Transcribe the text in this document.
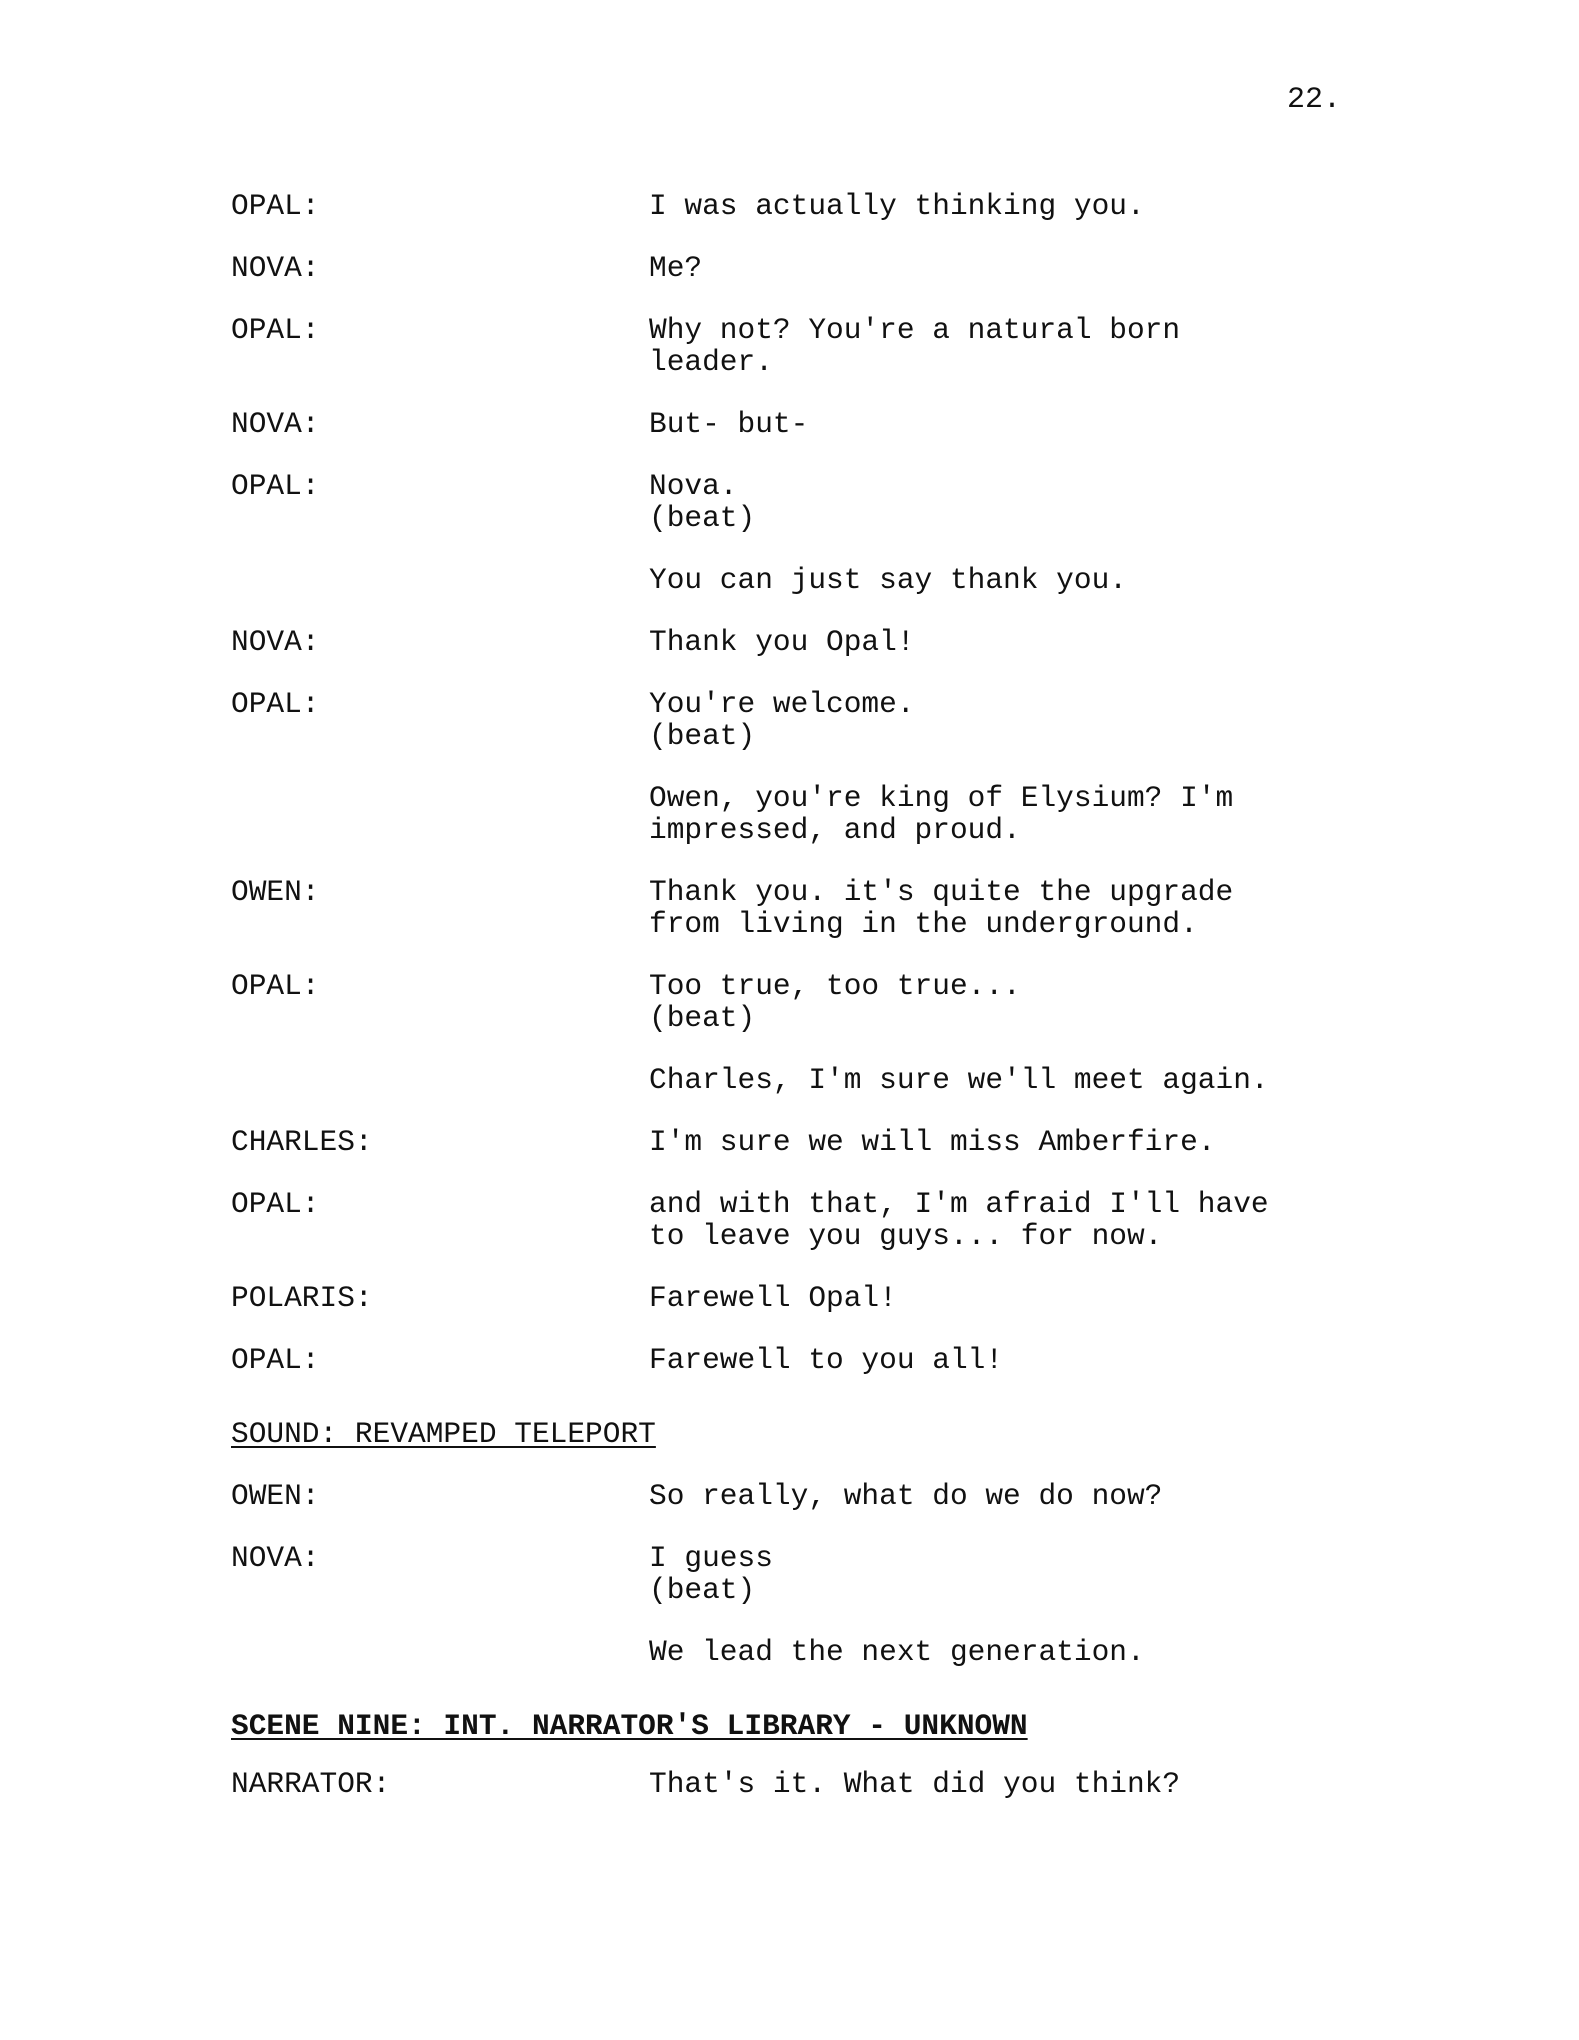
22.
OPAL:	I was actually thinking you.
NOVA:	Me?
OPAL:	Why not? You're a natural born
leader.
NOVA:	But- but-
OPAL:	Nova.
(beat)
You can just say thank you.
NOVA:	Thank you Opal!
OPAL:	You're welcome.
(beat)
Owen, you're king of Elysium? I'm
impressed, and proud.
OWEN:	Thank you. it's quite the upgrade
from living in the underground.
OPAL:	Too true, too true...
(beat)
Charles, I'm sure we'll meet again.
CHARLES:	I'm sure we will miss Amberfire.
OPAL:	and with that, I'm afraid I'll have
to leave you guys... for now.
POLARIS:	Farewell Opal!
OPAL:	Farewell to you all!
SOUND: REVAMPED TELEPORT
OWEN:	So really, what do we do now?
NOVA:	I guess
(beat)
We lead the next generation.
SCENE NINE: INT. NARRATOR'S LIBRARY - UNKNOWN
NARRATOR:	That's it. What did you think?
